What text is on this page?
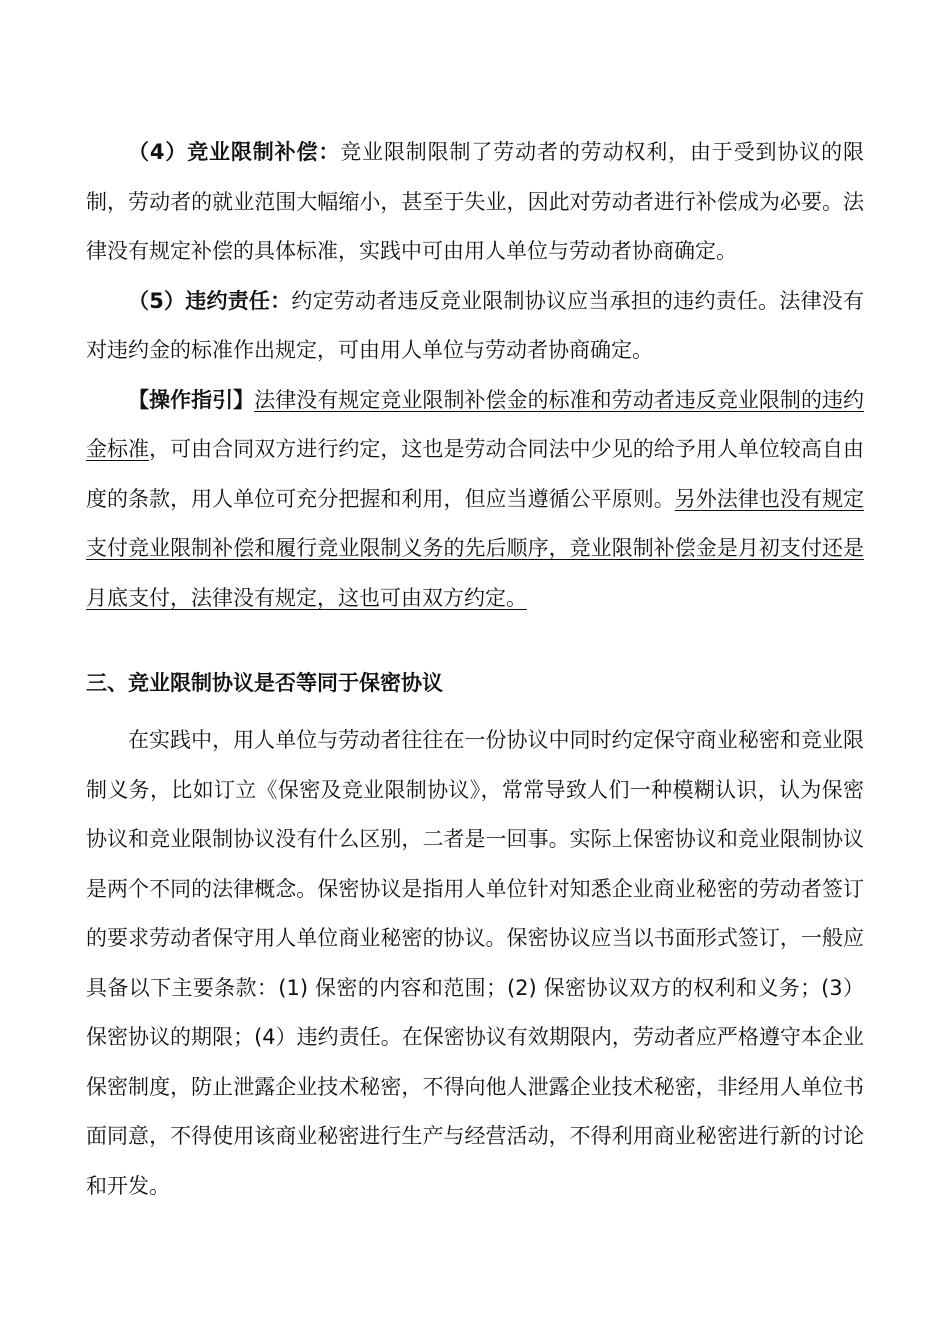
（4）竞业限制补偿：竞业限制限制了劳动者的劳动权利，由于受到协议的限制，劳动者的就业范围大幅缩小，甚至于失业，因此对劳动者进行补偿成为必要。法律没有规定补偿的具体标准，实践中可由用人单位与劳动者协商确定。

（5）违约责任：约定劳动者违反竞业限制协议应当承担的违约责任。法律没有对违约金的标准作出规定，可由用人单位与劳动者协商确定。

【操作指引】法律没有规定竞业限制补偿金的标准和劳动者违反竞业限制的违约金标准，可由合同双方进行约定，这也是劳动合同法中少见的给予用人单位较高自由度的条款，用人单位可充分把握和利用，但应当遵循公平原则。另外法律也没有规定支付竞业限制补偿和履行竞业限制义务的先后顺序，竞业限制补偿金是月初支付还是月底支付，法律没有规定，这也可由双方约定。

三、竞业限制协议是否等同于保密协议

在实践中，用人单位与劳动者往往在一份协议中同时约定保守商业秘密和竞业限制义务，比如订立《保密及竞业限制协议》，常常导致人们一种模糊认识，认为保密协议和竞业限制协议没有什么区别，二者是一回事。实际上保密协议和竞业限制协议是两个不同的法律概念。保密协议是指用人单位针对知悉企业商业秘密的劳动者签订的要求劳动者保守用人单位商业秘密的协议。保密协议应当以书面形式签订，一般应具备以下主要条款：(1) 保密的内容和范围；(2) 保密协议双方的权利和义务；(3）保密协议的期限；(4）违约责任。在保密协议有效期限内，劳动者应严格遵守本企业保密制度，防止泄露企业技术秘密，不得向他人泄露企业技术秘密，非经用人单位书面同意，不得使用该商业秘密进行生产与经营活动，不得利用商业秘密进行新的讨论和开发。
